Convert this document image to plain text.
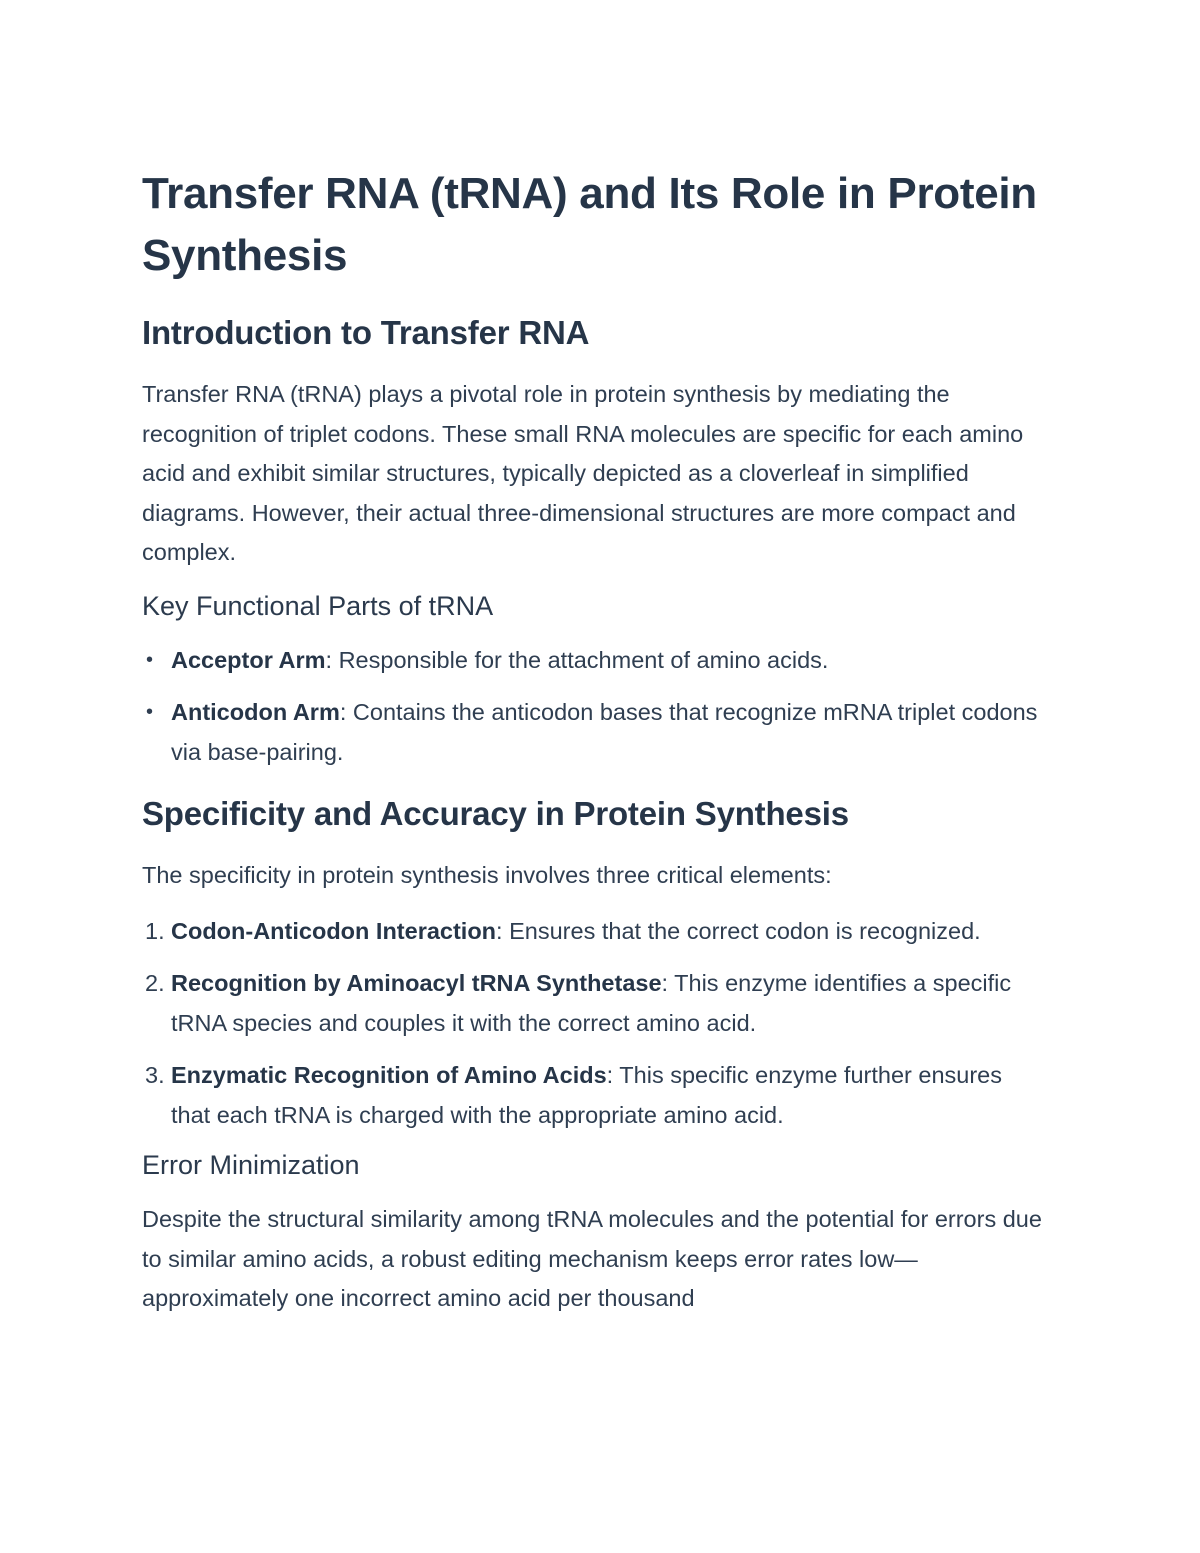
Transfer RNA (tRNA) and Its Role in Protein Synthesis
Introduction to Transfer RNA

Transfer RNA (tRNA) plays a pivotal role in protein synthesis by mediating the recognition of triplet codons. These small RNA molecules are specific for each amino acid and exhibit similar structures, typically depicted as a cloverleaf in simplified diagrams. However, their actual three-dimensional structures are more compact and complex.

Key Functional Parts of tRNA
• Acceptor Arm: Responsible for the attachment of amino acids.
• Anticodon Arm: Contains the anticodon bases that recognize mRNA triplet codons via base-pairing.
Specificity and Accuracy in Protein Synthesis

The specificity in protein synthesis involves three critical elements:

1. Codon-Anticodon Interaction: Ensures that the correct codon is recognized.
2. Recognition by Aminoacyl tRNA Synthetase: This enzyme identifies a specific tRNA species and couples it with the correct amino acid.
3. Enzymatic Recognition of Amino Acids: This specific enzyme further ensures that each tRNA is charged with the appropriate amino acid.
Error Minimization

Despite the structural similarity among tRNA molecules and the potential for errors due to similar amino acids, a robust editing mechanism keeps error rates low—approximately one incorrect amino acid per thousand
